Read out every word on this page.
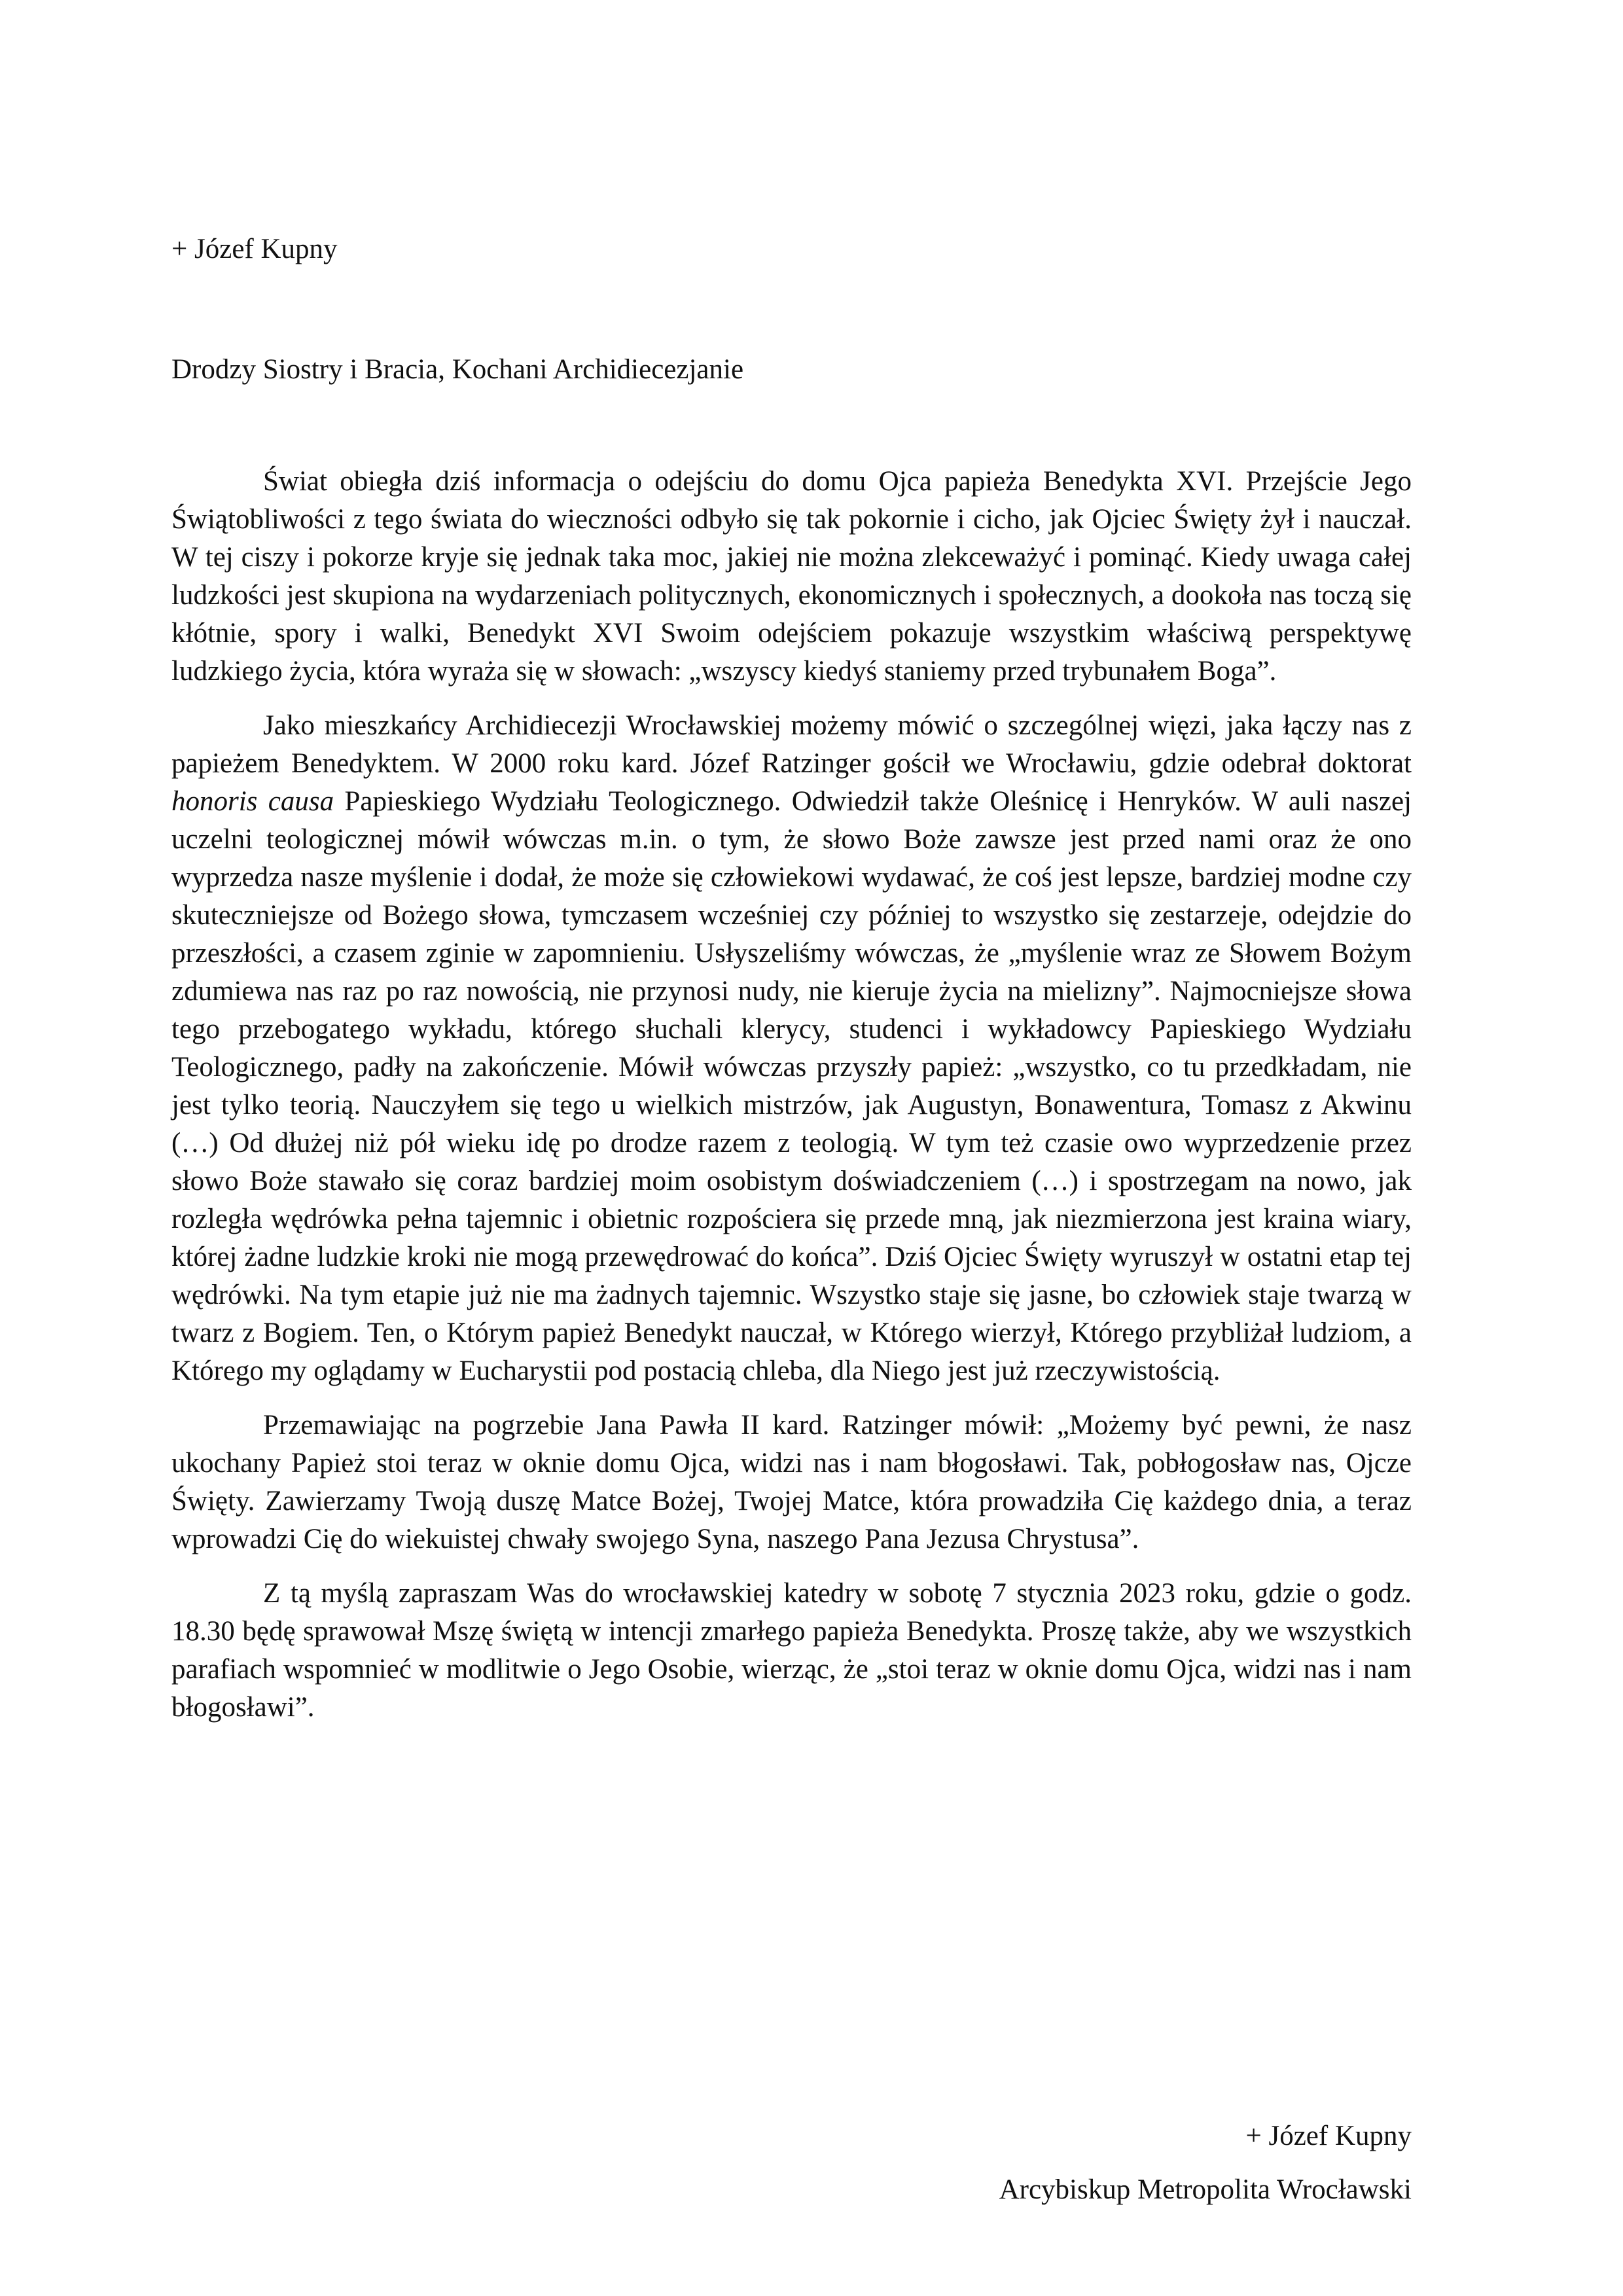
+ Józef Kupny
Drodzy Siostry i Bracia, Kochani Archidiecezjanie

Świat obiegła dziś informacja o odejściu do domu Ojca papieża Benedykta XVI. Przejście Jego Świątobliwości z tego świata do wieczności odbyło się tak pokornie i cicho, jak Ojciec Święty żył i nauczał. W tej ciszy i pokorze kryje się jednak taka moc, jakiej nie można zlekceważyć i pominąć. Kiedy uwaga całej ludzkości jest skupiona na wydarzeniach politycznych, ekonomicznych i społecznych, a dookoła nas toczą się kłótnie, spory i walki, Benedykt XVI Swoim odejściem pokazuje wszystkim właściwą perspektywę ludzkiego życia, która wyraża się w słowach: „wszyscy kiedyś staniemy przed trybunałem Boga”.

Jako mieszkańcy Archidiecezji Wrocławskiej możemy mówić o szczególnej więzi, jaka łączy nas z papieżem Benedyktem. W 2000 roku kard. Józef Ratzinger gościł we Wrocławiu, gdzie odebrał doktorat honoris causa Papieskiego Wydziału Teologicznego. Odwiedził także Oleśnicę i Henryków. W auli naszej uczelni teologicznej mówił wówczas m.in. o tym, że słowo Boże zawsze jest przed nami oraz że ono wyprzedza nasze myślenie i dodał, że może się człowiekowi wydawać, że coś jest lepsze, bardziej modne czy skuteczniejsze od Bożego słowa, tymczasem wcześniej czy później to wszystko się zestarzeje, odejdzie do przeszłości, a czasem zginie w zapomnieniu. Usłyszeliśmy wówczas, że „myślenie wraz ze Słowem Bożym zdumiewa nas raz po raz nowością, nie przynosi nudy, nie kieruje życia na mielizny”. Najmocniejsze słowa tego przebogatego wykładu, którego słuchali klerycy, studenci i wykładowcy Papieskiego Wydziału Teologicznego, padły na zakończenie. Mówił wówczas przyszły papież: „wszystko, co tu przedkładam, nie jest tylko teorią. Nauczyłem się tego u wielkich mistrzów, jak Augustyn, Bonawentura, Tomasz z Akwinu (…) Od dłużej niż pół wieku idę po drodze razem z teologią. W tym też czasie owo wyprzedzenie przez słowo Boże stawało się coraz bardziej moim osobistym doświadczeniem (…) i spostrzegam na nowo, jak rozległa wędrówka pełna tajemnic i obietnic rozpościera się przede mną, jak niezmierzona jest kraina wiary, której żadne ludzkie kroki nie mogą przewędrować do końca”. Dziś Ojciec Święty wyruszył w ostatni etap tej wędrówki. Na tym etapie już nie ma żadnych tajemnic. Wszystko staje się jasne, bo człowiek staje twarzą w twarz z Bogiem. Ten, o Którym papież Benedykt nauczał, w Którego wierzył, Którego przybliżał ludziom, a Którego my oglądamy w Eucharystii pod postacią chleba, dla Niego jest już rzeczywistością.

Przemawiając na pogrzebie Jana Pawła II kard. Ratzinger mówił: „Możemy być pewni, że nasz ukochany Papież stoi teraz w oknie domu Ojca, widzi nas i nam błogosławi. Tak, pobłogosław nas, Ojcze Święty. Zawierzamy Twoją duszę Matce Bożej, Twojej Matce, która prowadziła Cię każdego dnia, a teraz wprowadzi Cię do wiekuistej chwały swojego Syna, naszego Pana Jezusa Chrystusa”.

Z tą myślą zapraszam Was do wrocławskiej katedry w sobotę 7 stycznia 2023 roku, gdzie o godz. 18.30 będę sprawował Mszę świętą w intencji zmarłego papieża Benedykta. Proszę także, aby we wszystkich parafiach wspomnieć w modlitwie o Jego Osobie, wierząc, że „stoi teraz w oknie domu Ojca, widzi nas i nam błogosławi”.

+ Józef Kupny
Arcybiskup Metropolita Wrocławski
